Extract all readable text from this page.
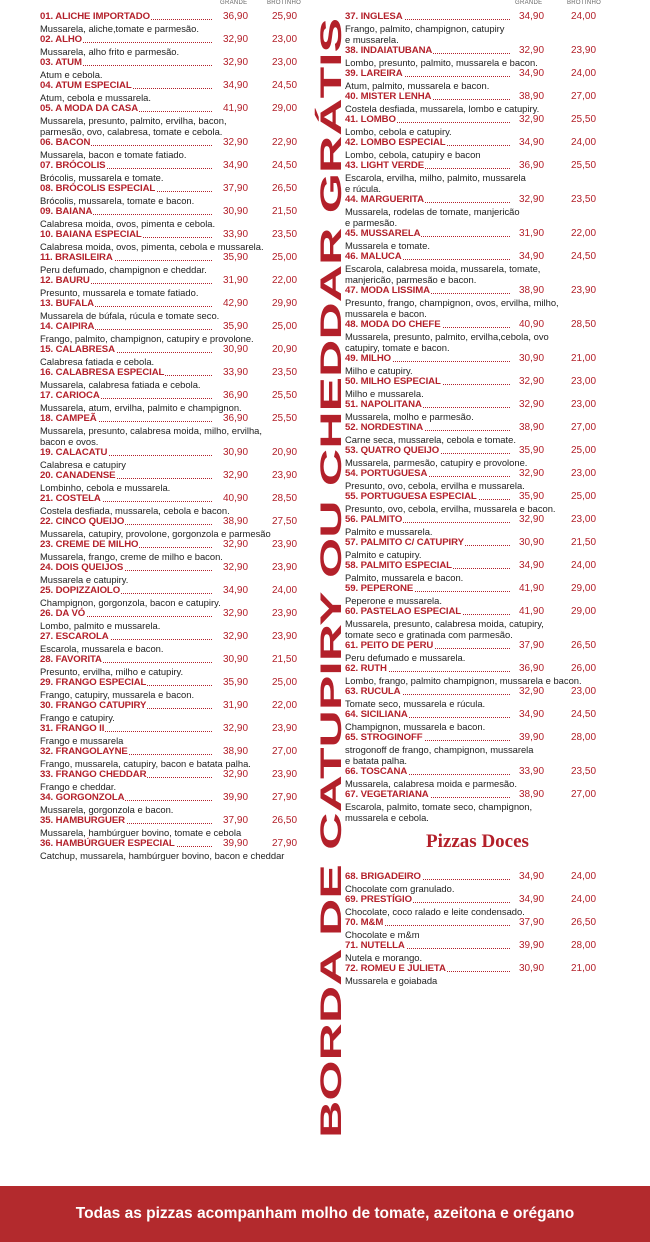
GRANDE	BROTINHO
01. ALICHE IMPORTADO	36,90 25,90
Mussarela, aliche,tomate e parmesão.
02. ALHO	32,90 23,00
Mussarela, alho frito e parmesão.
03. ATUM	32,90 23,00
Atum e cebola.
04. ATUM ESPECIAL	34,90 24,50
Atum, cebola e mussarela.
05. A MODA DA CASA	41,90 29,00
Mussarela, presunto, palmito, ervilha, bacon,
parmesão, ovo, calabresa, tomate e cebola.
06. BACON	32,90 22,90
Mussarela, bacon e tomate fatiado.
07. BRÓCOLIS	34,90 24,50
Brócolis, mussarela e tomate.
08. BRÓCOLIS ESPECIAL	37,90 26,50
Brócolis, mussarela, tomate e bacon.
09. BAIANA	30,90 21,50
Calabresa moida, ovos, pimenta e cebola.
10. BAIANA ESPECIAL	33,90 23,50
Calabresa moida, ovos, pimenta, cebola e mussarela.
11. BRASILEIRA	35,90 25,00
Peru defumado, champignon e cheddar.
12. BAURU	31,90 22,00
Presunto, mussarela e tomate fatiado.
13. BUFALA	42,90 29,90
Mussarela de búfala, rúcula e tomate seco.
14. CAIPIRA	35,90 25,00
Frango, palmito, champignon, catupiry e provolone.
15. CALABRESA	30,90 20,90
Calabresa fatiada e cebola.
16. CALABRESA ESPECIAL	33,90 23,50
Mussarela, calabresa fatiada e cebola.
17. CARIOCA	36,90 25,50
Mussarela, atum, ervilha, palmito e champignon.
18. CAMPEÃ	36,90 25,50
Mussarela, presunto, calabresa moida, milho, ervilha,
bacon e ovos.
19. CALACATU	30,90 20,90
Calabresa e catupiry
20. CANADENSE	32,90 23,90
Lombinho, cebola e mussarela.
21. COSTELA	40,90 28,50
Costela desfiada, mussarela, cebola e bacon.
22. CINCO QUEIJO	38,90 27,50
Mussarela, catupiry, provolone, gorgonzola e parmesão
23. CREME DE MILHO	32,90 23,90
Mussarela, frango, creme de milho e bacon.
24. DOIS QUEIJOS	32,90 23,90
Mussarela e catupiry.
25. DOPIZZAIOLO	34,90 24,00
Champignon, gorgonzola, bacon e catupiry.
26. DA VÓ	32,90 23,90
Lombo, palmito e mussarela.
27. ESCAROLA	32,90 23,90
Escarola, mussarela e bacon.
28. FAVORITA	30,90 21,50
Presunto, ervilha, milho e catupiry.
29. FRANGO ESPECIAL	35,90 25,00
Frango, catupiry, mussarela e bacon.
30. FRANGO CATUPIRY	31,90 22,00
Frango e catupiry.
31. FRANGO II	32,90 23,90
Frango e mussarela
32. FRANGOLAYNE	38,90 27,00
Frango, mussarela, catupiry, bacon e batata palha.
33. FRANGO CHEDDAR	32,90 23,90
Frango e cheddar.
34. GORGONZOLA	39,90 27,90
Mussarela, gorgonzola e bacon.
35. HAMBURGUER	37,90 26,50
Mussarela, hambúrguer bovino, tomate e cebola
36. HAMBÚRGUER ESPECIAL	39,90 27,90
Catchup, mussarela, hambúrguer bovino, bacon e cheddar	BORDA DE CATUPIRY OU CHEDDAR GRÁTIS
GRANDE	BROTINHO
37. INGLESA	34,90	24,00
Frango, palmito, champignon, catupiry
e mussarela.
38. INDAIATUBANA	32,90	23,90
Lombo, presunto, palmito, mussarela e bacon.
39. LAREIRA	34,90	24,00
Atum, palmito, mussarela e bacon.
40. MISTER LENHA	38,90	27,00
Costela desfiada, mussarela, lombo e catupiry.
41. LOMBO	32,90	25,50
Lombo, cebola e catupiry.
42. LOMBO ESPECIAL	34,90	24,00
Lombo, cebola, catupiry e bacon
43. LIGHT VERDE	36,90	25,50
Escarola, ervilha, milho, palmito, mussarela
e rúcula.
44. MARGUERITA	32,90	23,50
Mussarela, rodelas de tomate, manjericão
e parmesão.
45. MUSSARELA	31,90	22,00
Mussarela e tomate.
46. MALUCA	34,90	24,50
Escarola, calabresa moida, mussarela, tomate,
manjericão, parmesão e bacon.
47. MODA LISSIMA	38,90	23,90
Presunto, frango, champignon, ovos, ervilha, milho,
mussarela e bacon.
48. MODA DO CHEFE	40,90	28,50
Mussarela, presunto, palmito, ervilha,cebola, ovo
catupiry, tomate e bacon.
49. MILHO	30,90	21,00
Milho e catupiry.
50. MILHO ESPECIAL	32,90	23,00
Milho e mussarela.
51. NAPOLITANA	32,90	23,00
Mussarela, molho e parmesão.
52. NORDESTINA	38,90	27,00
Carne seca, mussarela, cebola e tomate.
53. QUATRO QUEIJO	35,90	25,00
Mussarela, parmesão, catupiry e provolone.
54. PORTUGUESA	32,90	23,00
Presunto, ovo, cebola, ervilha e mussarela.
55. PORTUGUESA ESPECIAL	35,90	25,00
Presunto, ovo, cebola, ervilha, mussarela e bacon.
56. PALMITO	32,90	23,00
Palmito e mussarela.
57. PALMITO C/ CATUPIRY	30,90	21,50
Palmito e catupiry.
58. PALMITO ESPECIAL	34,90	24,00
Palmito, mussarela e bacon.
59. PEPERONE	41,90	29,00
Peperone e mussarela.
60. PASTELAO ESPECIAL	41,90	29,00
Mussarela, presunto, calabresa moida, catupiry,
tomate seco e gratinada com parmesão.
61. PEITO DE PERU	37,90	26,50
Peru defumado e mussarela.
62. RUTH	36,90	26,00
Lombo, frango, palmito champignon, mussarela e bacon.
63. RUCULA	32,90	23,00
Tomate seco, mussarela e rúcula.
64. SICILIANA	34,90	24,50
Champignon, mussarela e bacon.
65. STROGINOFF	39,90	28,00
strogonoff de frango, champignon, mussarela
e batata palha.
66. TOSCANA	33,90	23,50
Mussarela, calabresa moida e parmesão.
67. VEGETARIANA	38,90	27,00
Escarola, palmito, tomate seco, champignon,
mussarela e cebola.
Pizzas Doces
68. BRIGADEIRO	34,90	24,00
Chocolate com granulado.
69. PRESTÍGIO	34,90	24,00
Chocolate, coco ralado e leite condensado.
70. M&M	37,90	26,50
Chocolate e m&m
71. NUTELLA	39,90	28,00
Nutela e morango.
72. ROMEU E JULIETA	30,90	21,00
Mussarela e goiabada
Todas as pizzas acompanham molho de tomate, azeitona e orégano
